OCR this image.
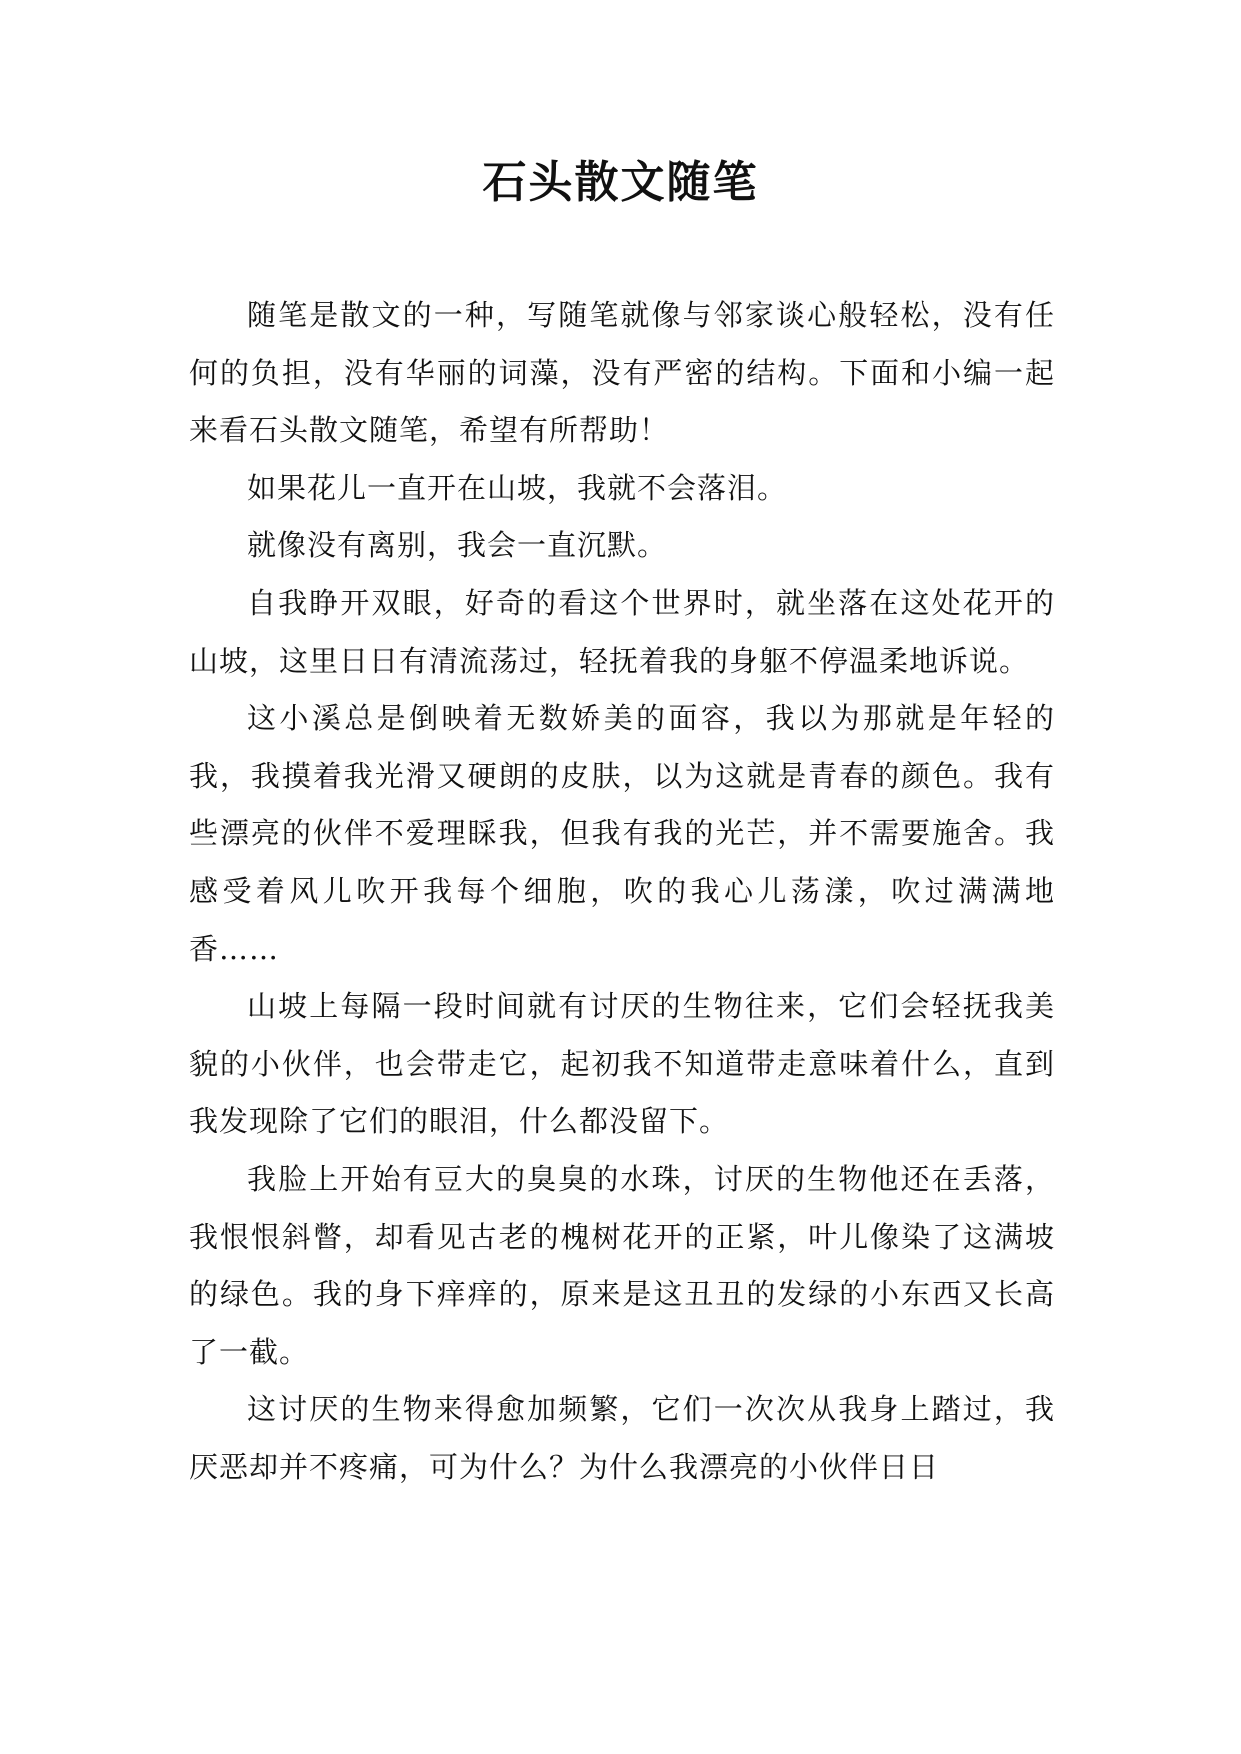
石头散文随笔

随笔是散文的一种，写随笔就像与邻家谈心般轻松，没有任何的负担，没有华丽的词藻，没有严密的结构。下面和小编一起来看石头散文随笔，希望有所帮助！

如果花儿一直开在山坡，我就不会落泪。

就像没有离别，我会一直沉默。

自我睁开双眼，好奇的看这个世界时，就坐落在这处花开的山坡，这里日日有清流荡过，轻抚着我的身躯不停温柔地诉说。

这小溪总是倒映着无数娇美的面容，我以为那就是年轻的我，我摸着我光滑又硬朗的皮肤，以为这就是青春的颜色。我有些漂亮的伙伴不爱理睬我，但我有我的光芒，并不需要施舍。我感受着风儿吹开我每个细胞，吹的我心儿荡漾，吹过满满地香……

山坡上每隔一段时间就有讨厌的生物往来，它们会轻抚我美貌的小伙伴，也会带走它，起初我不知道带走意味着什么，直到我发现除了它们的眼泪，什么都没留下。

我脸上开始有豆大的臭臭的水珠，讨厌的生物他还在丢落，我恨恨斜瞥，却看见古老的槐树花开的正紧，叶儿像染了这满坡的绿色。我的身下痒痒的，原来是这丑丑的发绿的小东西又长高了一截。

这讨厌的生物来得愈加频繁，它们一次次从我身上踏过，我厌恶却并不疼痛，可为什么？为什么我漂亮的小伙伴日日
